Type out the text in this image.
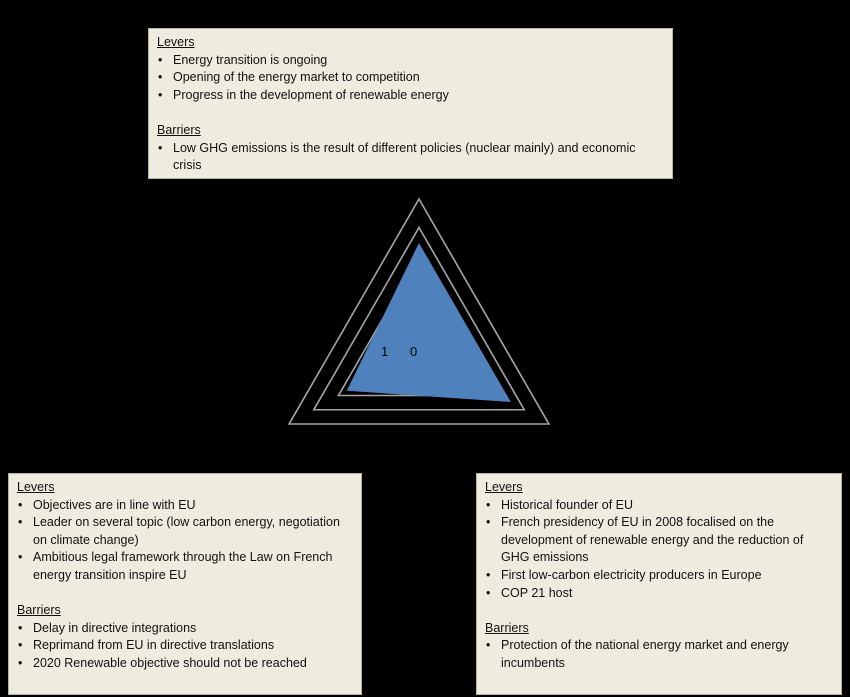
Levers
• Energy transition is ongoing
• Opening of the energy market to competition
• Progress in the development of renewable energy
Barriers
• Low GHG emissions is the result of different policies (nuclear mainly) and economic crisis
1 0
Levers
• Objectives are in line with EU
• Leader on several topic (low carbon energy, negotiation on climate change)
• Ambitious legal framework through the Law on French energy transition inspire EU
Barriers
• Delay in directive integrations
• Reprimand from EU in directive translations
• 2020 Renewable objective should not be reached
Levers
• Historical founder of EU
• French presidency of EU in 2008 focalised on the development of renewable energy and the reduction of GHG emissions
• First low-carbon electricity producers in Europe
• COP 21 host
Barriers
• Protection of the national energy market and energy incumbents
